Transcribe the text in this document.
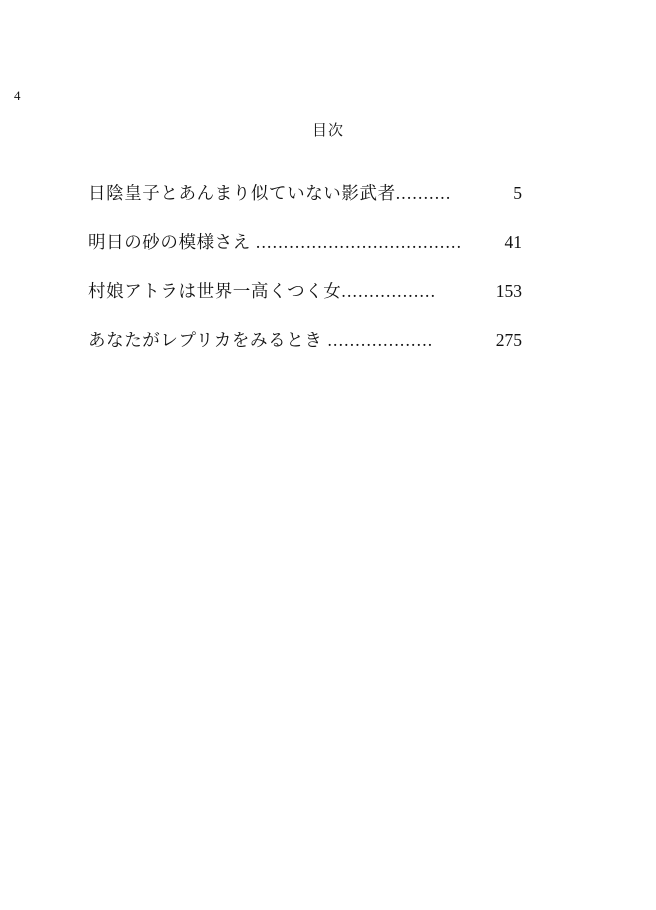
4
目次
日陰皇子とあんまり似ていない影武者 ..........	5
明日の砂の模様さえ .....................................	41
村娘アトラは世界一高くつく女 .................	153
あなたがレプリカをみるとき ...................	275
